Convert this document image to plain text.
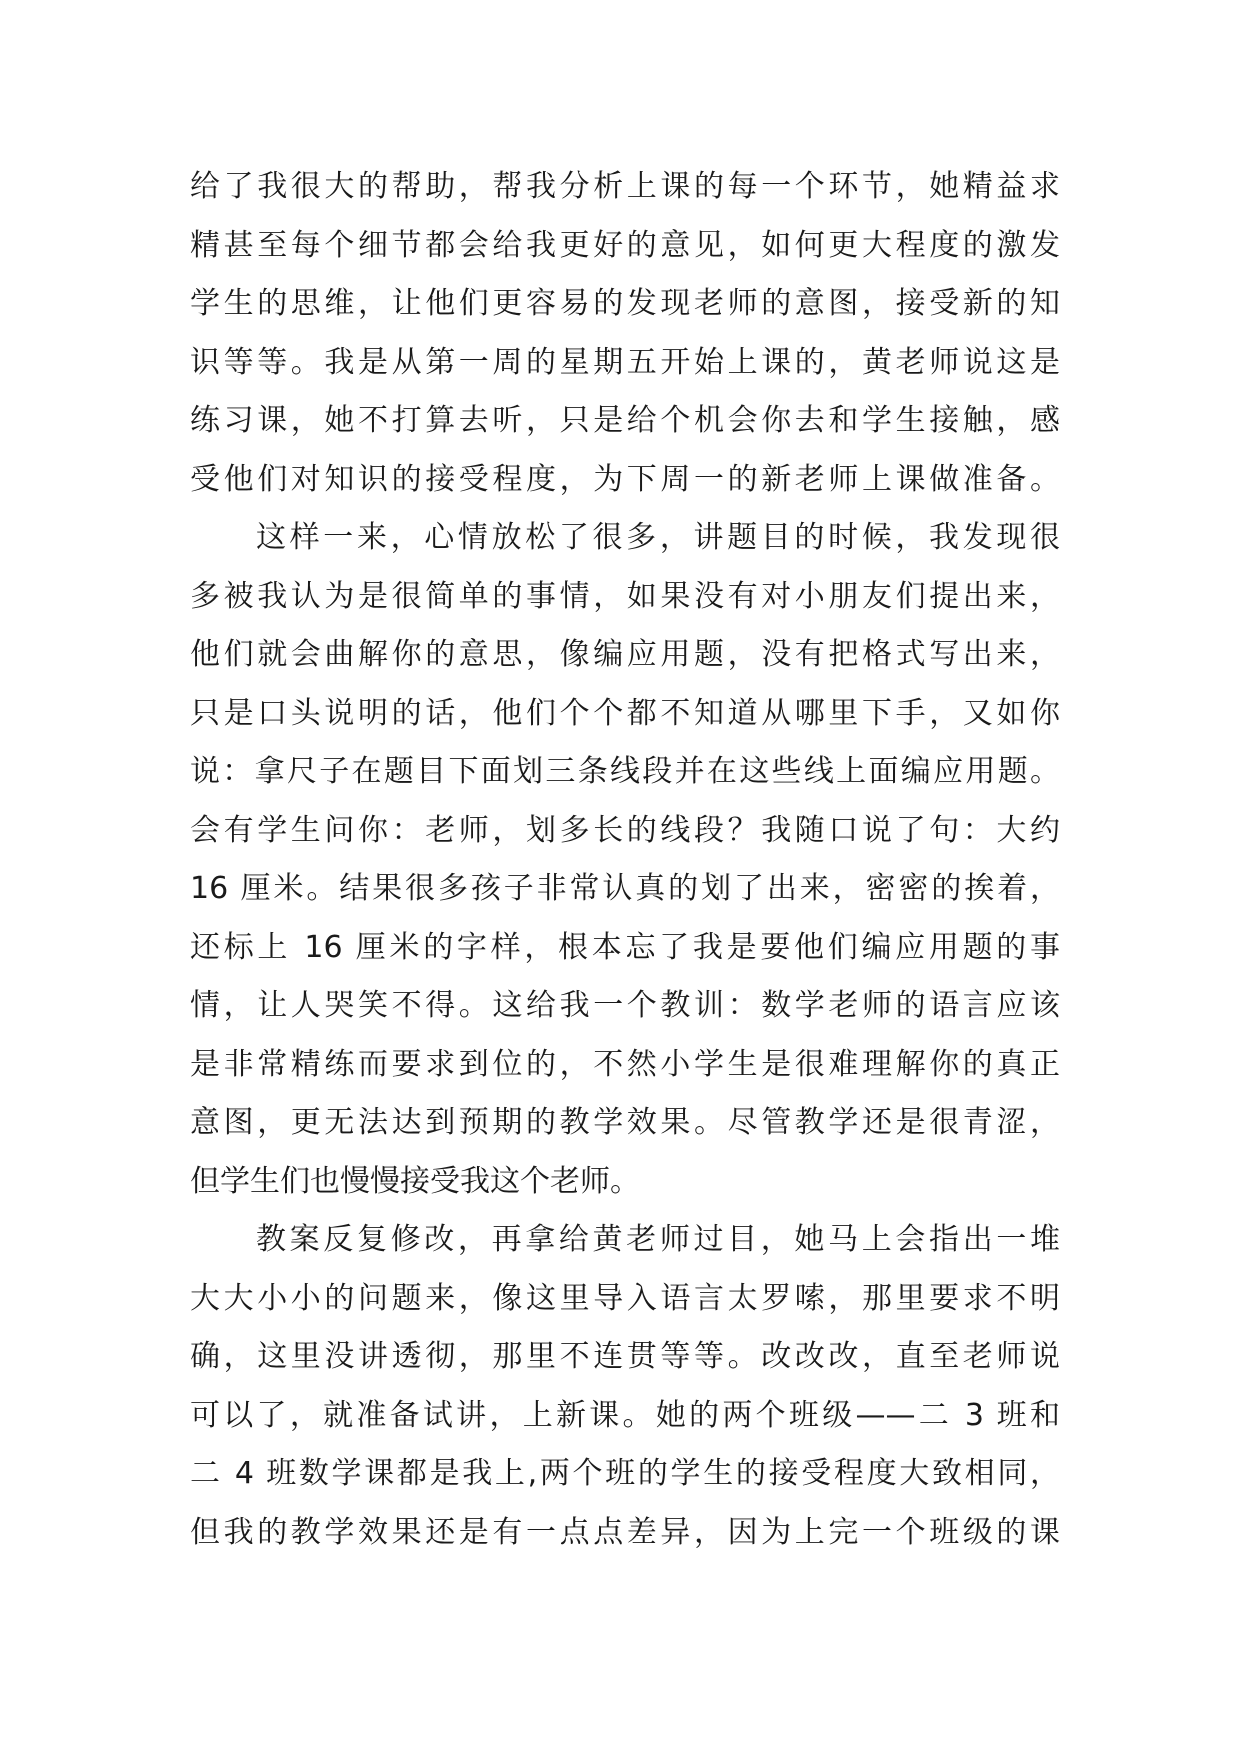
给了我很大的帮助，帮我分析上课的每一个环节，她精益求
精甚至每个细节都会给我更好的意见，如何更大程度的激发
学生的思维，让他们更容易的发现老师的意图，接受新的知
识等等。我是从第一周的星期五开始上课的，黄老师说这是
练习课，她不打算去听，只是给个机会你去和学生接触，感
受他们对知识的接受程度，为下周一的新老师上课做准备。
这样一来，心情放松了很多，讲题目的时候，我发现很
多被我认为是很简单的事情，如果没有对小朋友们提出来，
他们就会曲解你的意思，像编应用题，没有把格式写出来，
只是口头说明的话，他们个个都不知道从哪里下手，又如你
说：拿尺子在题目下面划三条线段并在这些线上面编应用题。
会有学生问你：老师，划多长的线段？我随口说了句：大约
16 厘米。结果很多孩子非常认真的划了出来，密密的挨着，
还标上 16 厘米的字样，根本忘了我是要他们编应用题的事
情，让人哭笑不得。这给我一个教训：数学老师的语言应该
是非常精练而要求到位的，不然小学生是很难理解你的真正
意图，更无法达到预期的教学效果。尽管教学还是很青涩，
但学生们也慢慢接受我这个老师。
教案反复修改，再拿给黄老师过目，她马上会指出一堆
大大小小的问题来，像这里导入语言太罗嗦，那里要求不明
确，这里没讲透彻，那里不连贯等等。改改改，直至老师说
可以了，就准备试讲，上新课。她的两个班级——二 3 班和
二 4 班数学课都是我上,两个班的学生的接受程度大致相同，
但我的教学效果还是有一点点差异，因为上完一个班级的课
